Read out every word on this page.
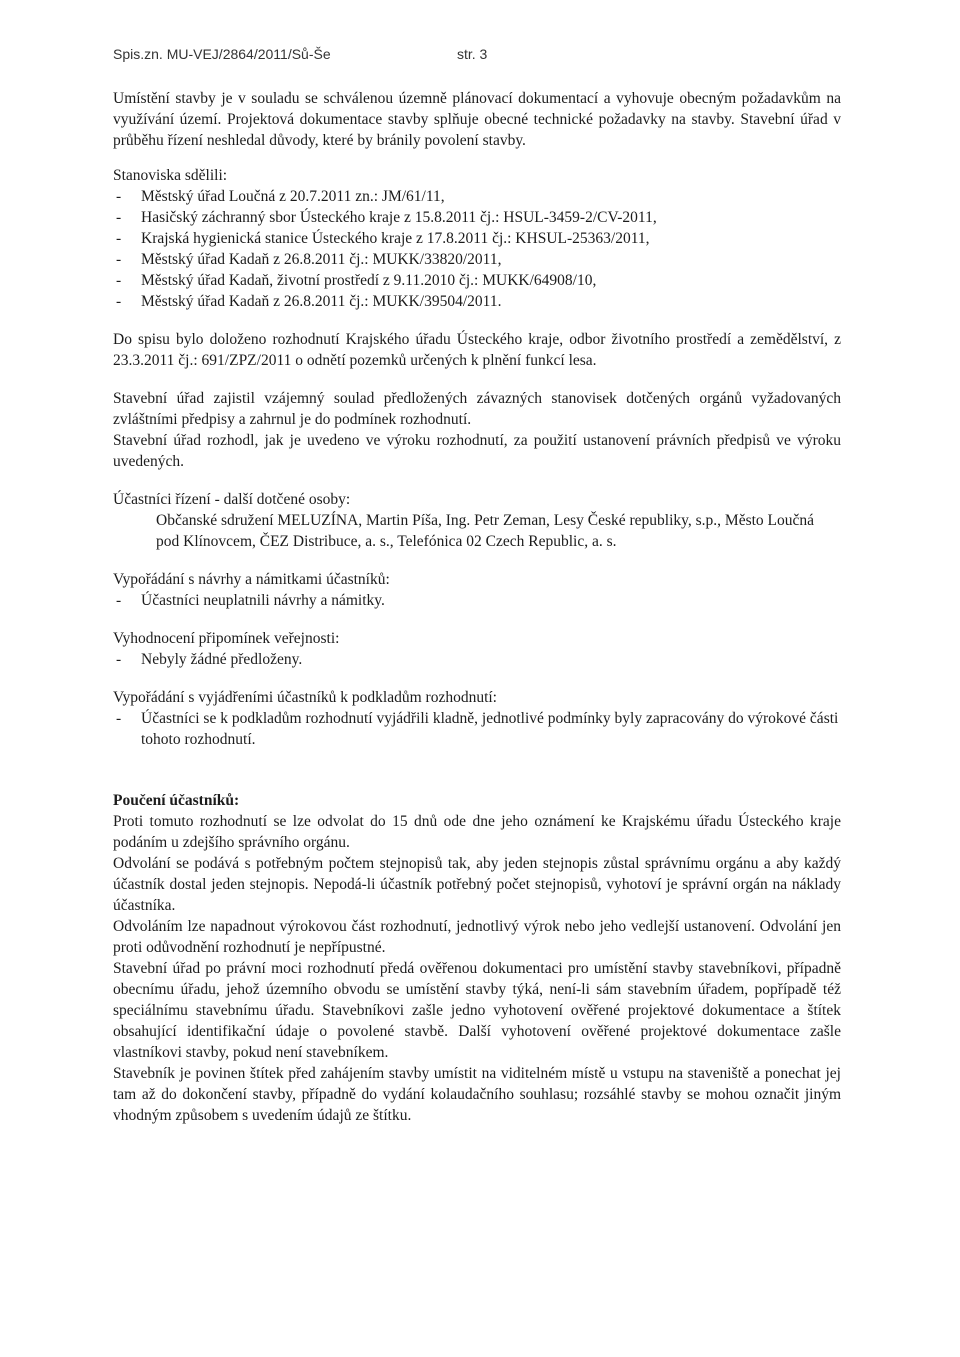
Spis.zn. MU-VEJ/2864/2011/Sů-Še	str. 3

Umístění stavby je v souladu se schválenou územně plánovací dokumentací a vyhovuje obecným požadavkům na využívání území. Projektová dokumentace stavby splňuje obecné technické požadavky na stavby. Stavební úřad v průběhu řízení neshledal důvody, které by bránily povolení stavby.

Stanoviska sdělili:

- Městský úřad Loučná z 20.7.2011 zn.: JM/61/11,
- Hasičský záchranný sbor Ústeckého kraje z 15.8.2011 čj.: HSUL-3459-2/CV-2011,
- Krajská hygienická stanice Ústeckého kraje z 17.8.2011 čj.: KHSUL-25363/2011,
- Městský úřad Kadaň z 26.8.2011 čj.: MUKK/33820/2011,
- Městský úřad Kadaň, životní prostředí z 9.11.2010 čj.: MUKK/64908/10,
- Městský úřad Kadaň z 26.8.2011 čj.: MUKK/39504/2011.

Do spisu bylo doloženo rozhodnutí Krajského úřadu Ústeckého kraje, odbor životního prostředí a zemědělství, z 23.3.2011 čj.: 691/ZPZ/2011 o odnětí pozemků určených k plnění funkcí lesa.

Stavební úřad zajistil vzájemný soulad předložených závazných stanovisek dotčených orgánů vyžadovaných zvláštními předpisy a zahrnul je do podmínek rozhodnutí.

Stavební úřad rozhodl, jak je uvedeno ve výroku rozhodnutí, za použití ustanovení právních předpisů ve výroku uvedených.

Účastníci řízení - další dotčené osoby:

Občanské sdružení MELUZÍNA, Martin Píša, Ing. Petr Zeman, Lesy České republiky, s.p., Město Loučná pod Klínovcem, ČEZ Distribuce, a. s., Telefónica 02 Czech Republic, a. s.

Vypořádání s návrhy a námitkami účastníků:

- Účastníci neuplatnili návrhy a námitky.

Vyhodnocení připomínek veřejnosti:

- Nebyly žádné předloženy.

Vypořádání s vyjádřeními účastníků k podkladům rozhodnutí:

- Účastníci se k podkladům rozhodnutí vyjádřili kladně, jednotlivé podmínky byly zapracovány do výrokové části tohoto rozhodnutí.

Poučení účastníků:

Proti tomuto rozhodnutí se lze odvolat do 15 dnů ode dne jeho oznámení ke Krajskému úřadu Ústeckého kraje podáním u zdejšího správního orgánu.

Odvolání se podává s potřebným počtem stejnopisů tak, aby jeden stejnopis zůstal správnímu orgánu a aby každý účastník dostal jeden stejnopis. Nepodá-li účastník potřebný počet stejnopisů, vyhotoví je správní orgán na náklady účastníka.

Odvoláním lze napadnout výrokovou část rozhodnutí, jednotlivý výrok nebo jeho vedlejší ustanovení. Odvolání jen proti odůvodnění rozhodnutí je nepřípustné.

Stavební úřad po právní moci rozhodnutí předá ověřenou dokumentaci pro umístění stavby stavebníkovi, případně obecnímu úřadu, jehož územního obvodu se umístění stavby týká, není-li sám stavebním úřadem, popřípadě též speciálnímu stavebnímu úřadu. Stavebníkovi zašle jedno vyhotovení ověřené projektové dokumentace a štítek obsahující identifikační údaje o povolené stavbě. Další vyhotovení ověřené projektové dokumentace zašle vlastníkovi stavby, pokud není stavebníkem.

Stavebník je povinen štítek před zahájením stavby umístit na viditelném místě u vstupu na staveniště a ponechat jej tam až do dokončení stavby, případně do vydání kolaudačního souhlasu; rozsáhlé stavby se mohou označit jiným vhodným způsobem s uvedením údajů ze štítku.
